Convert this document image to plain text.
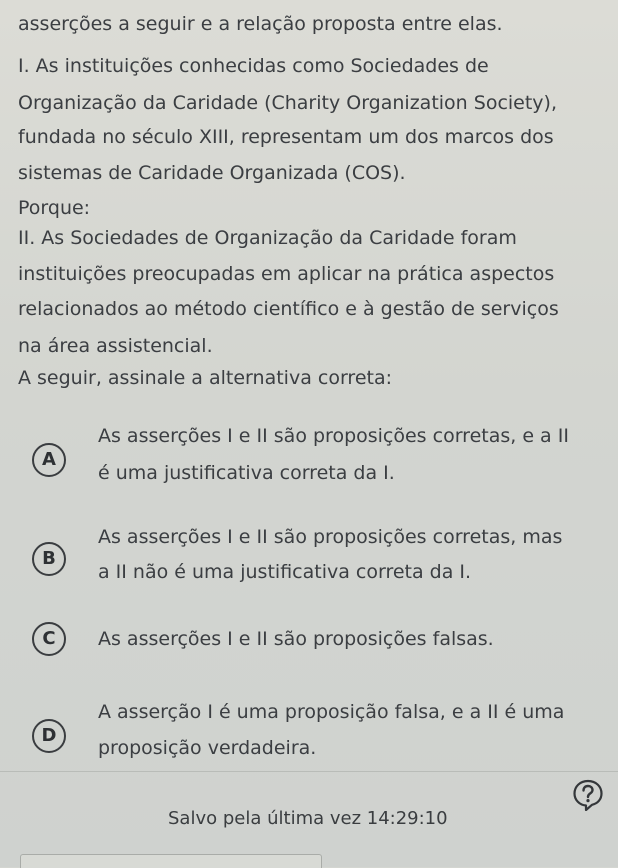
asserções a seguir e a relação proposta entre elas.
I. As instituições conhecidas como Sociedades de
Organização da Caridade (Charity Organization Society),
fundada no século XIII, representam um dos marcos dos
sistemas de Caridade Organizada (COS).
Porque:
II. As Sociedades de Organização da Caridade foram
instituições preocupadas em aplicar na prática aspectos
relacionados ao método científico e à gestão de serviços
na área assistencial.
A seguir, assinale a alternativa correta:
A
As asserções I e II são proposições corretas, e a II
é uma justificativa correta da I.
B
As asserções I e II são proposições corretas, mas
a II não é uma justificativa correta da I.
C	As asserções I e II são proposições falsas.
D
A asserção I é uma proposição falsa, e a II é uma
proposição verdadeira.
Salvo pela última vez 14:29:10
